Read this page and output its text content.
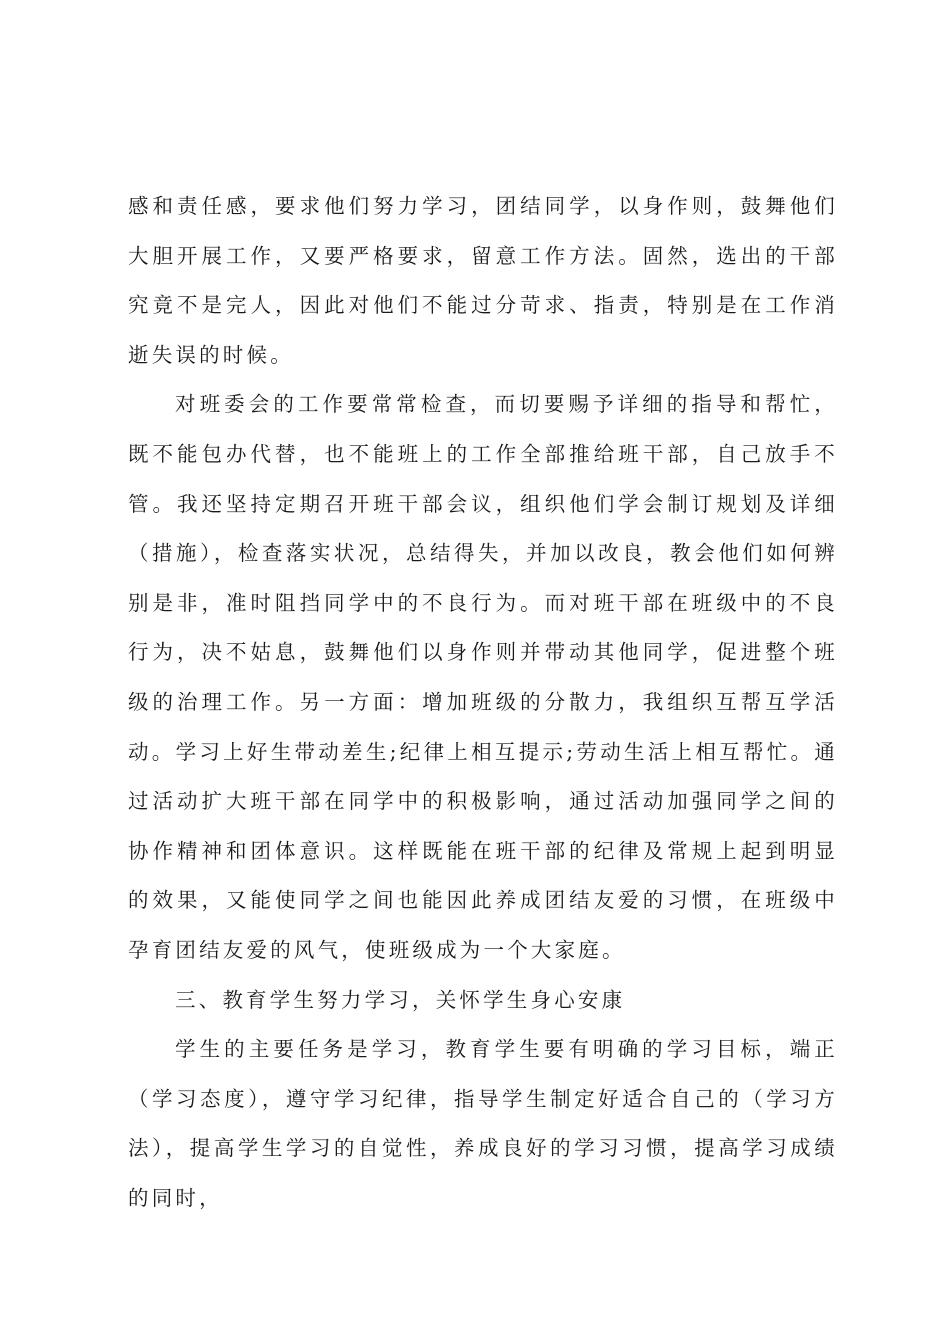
感和责任感，要求他们努力学习，团结同学，以身作则，鼓舞他们大胆开展工作，又要严格要求，留意工作方法。固然，选出的干部究竟不是完人，因此对他们不能过分苛求、指责，特别是在工作消逝失误的时候。

对班委会的工作要常常检查，而切要赐予详细的指导和帮忙，既不能包办代替，也不能班上的工作全部推给班干部，自己放手不管。我还坚持定期召开班干部会议，组织他们学会制订规划及详细（措施），检查落实状况，总结得失，并加以改良，教会他们如何辨别是非，准时阻挡同学中的不良行为。而对班干部在班级中的不良行为，决不姑息，鼓舞他们以身作则并带动其他同学，促进整个班级的治理工作。另一方面：增加班级的分散力，我组织互帮互学活动。学习上好生带动差生;纪律上相互提示;劳动生活上相互帮忙。通过活动扩大班干部在同学中的积极影响，通过活动加强同学之间的协作精神和团体意识。这样既能在班干部的纪律及常规上起到明显的效果，又能使同学之间也能因此养成团结友爱的习惯，在班级中孕育团结友爱的风气，使班级成为一个大家庭。

三、教育学生努力学习，关怀学生身心安康

学生的主要任务是学习，教育学生要有明确的学习目标，端正（学习态度），遵守学习纪律，指导学生制定好适合自己的（学习方法），提高学生学习的自觉性，养成良好的学习习惯，提高学习成绩的同时，
